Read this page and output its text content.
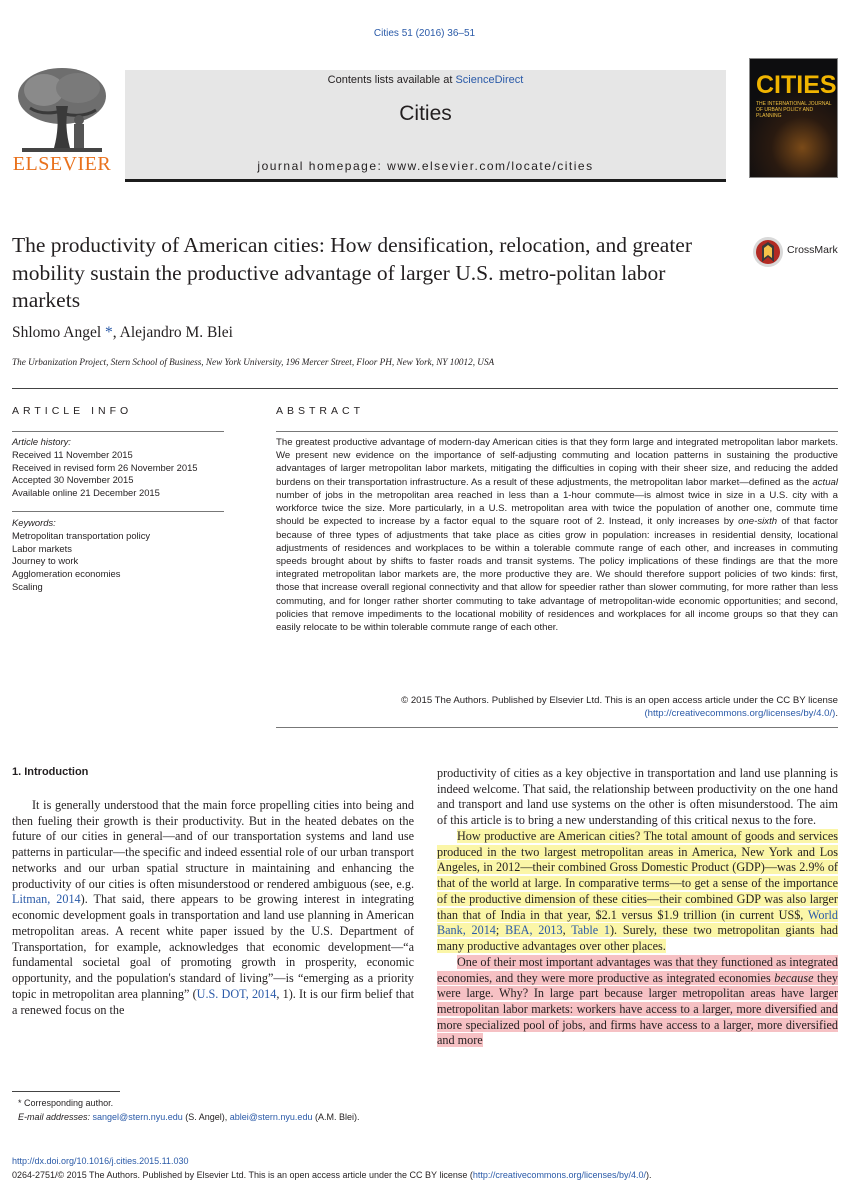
Cities 51 (2016) 36–51
ELSEVIER
Contents lists available at ScienceDirect
Cities
journal homepage: www.elsevier.com/locate/cities
CITIES
THE INTERNATIONAL JOURNAL OF URBAN POLICY AND PLANNING
The productivity of American cities: How densification, relocation, and greater mobility sustain the productive advantage of larger U.S. metro-politan labor markets
CrossMark
Shlomo Angel *, Alejandro M. Blei
The Urbanization Project, Stern School of Business, New York University, 196 Mercer Street, Floor PH, New York, NY 10012, USA
ARTICLE INFO	ABSTRACT
Article history:
Received 11 November 2015
Received in revised form 26 November 2015
Accepted 30 November 2015
Available online 21 December 2015
Keywords:
Metropolitan transportation policy
Labor markets
Journey to work
Agglomeration economies
Scaling
The greatest productive advantage of modern-day American cities is that they form large and integrated metropolitan labor markets. We present new evidence on the importance of self-adjusting commuting and location patterns in sustaining the productive advantages of larger metropolitan labor markets, mitigating the difficulties in coping with their sheer size, and reducing the added burdens on their transportation infrastructure. As a result of these adjustments, the metropolitan labor market—defined as the actual number of jobs in the metropolitan area reached in less than a 1-hour commute—is almost twice in size in a U.S. city with a workforce twice the size. More particularly, in a U.S. metropolitan area with twice the population of another one, commute time should be expected to increase by a factor equal to the square root of 2. Instead, it only increases by one-sixth of that factor because of three types of adjustments that take place as cities grow in population: increases in residential density, locational adjustments of residences and workplaces to be within a tolerable commute range of each other, and increases in commuting speeds brought about by shifts to faster roads and transit systems. The policy implications of these findings are that the more integrated metropolitan labor markets are, the more productive they are. We should therefore support policies of two kinds: first, those that increase overall regional connectivity and that allow for speedier rather than slower commuting, for more rather than less commuting, and for longer rather shorter commuting to take advantage of metropolitan-wide economic opportunities; and second, policies that remove impediments to the locational mobility of residences and workplaces for all income groups so that they can easily relocate to be within tolerable commute range of each other.
© 2015 The Authors. Published by Elsevier Ltd. This is an open access article under the CC BY license
(http://creativecommons.org/licenses/by/4.0/).
1. Introduction

It is generally understood that the main force propelling cities into being and then fueling their growth is their productivity. But in the heated debates on the future of our cities in general—and of our transportation systems and land use patterns in particular—the specific and indeed essential role of our urban transport networks and our urban spatial structure in maintaining and enhancing the productivity of our cities is often misunderstood or rendered ambiguous (see, e.g. Litman, 2014). That said, there appears to be growing interest in integrating economic development goals in transportation and land use planning in American metropolitan areas. A recent white paper issued by the U.S. Department of Transportation, for example, acknowledges that economic development—“a fundamental societal goal of promoting growth in prosperity, economic opportunity, and the population's standard of living”—is “emerging as a priority topic in metropolitan area planning” (U.S. DOT, 2014, 1). It is our firm belief that a renewed focus on the

productivity of cities as a key objective in transportation and land use planning is indeed welcome. That said, the relationship between productivity on the one hand and transport and land use systems on the other is often misunderstood. The aim of this article is to bring a new understanding of this critical nexus to the fore.

How productive are American cities? The total amount of goods and services produced in the two largest metropolitan areas in America, New York and Los Angeles, in 2012—their combined Gross Domestic Product (GDP)—was 2.9% of that of the world at large. In comparative terms—to get a sense of the importance of the productive dimension of these cities—their combined GDP was also larger than that of India in that year, $2.1 versus $1.9 trillion (in current US$, World Bank, 2014; BEA, 2013, Table 1). Surely, these two metropolitan giants had many productive advantages over other places.

One of their most important advantages was that they functioned as integrated economies, and they were more productive as integrated economies because they were large. Why? In large part because larger metropolitan areas have larger metropolitan labor markets: workers have access to a larger, more diversified and more specialized pool of jobs, and firms have access to a larger, more diversified and more

* Corresponding author.
E-mail addresses: sangel@stern.nyu.edu (S. Angel), ablei@stern.nyu.edu (A.M. Blei).
http://dx.doi.org/10.1016/j.cities.2015.11.030
0264-2751/© 2015 The Authors. Published by Elsevier Ltd. This is an open access article under the CC BY license (http://creativecommons.org/licenses/by/4.0/).
